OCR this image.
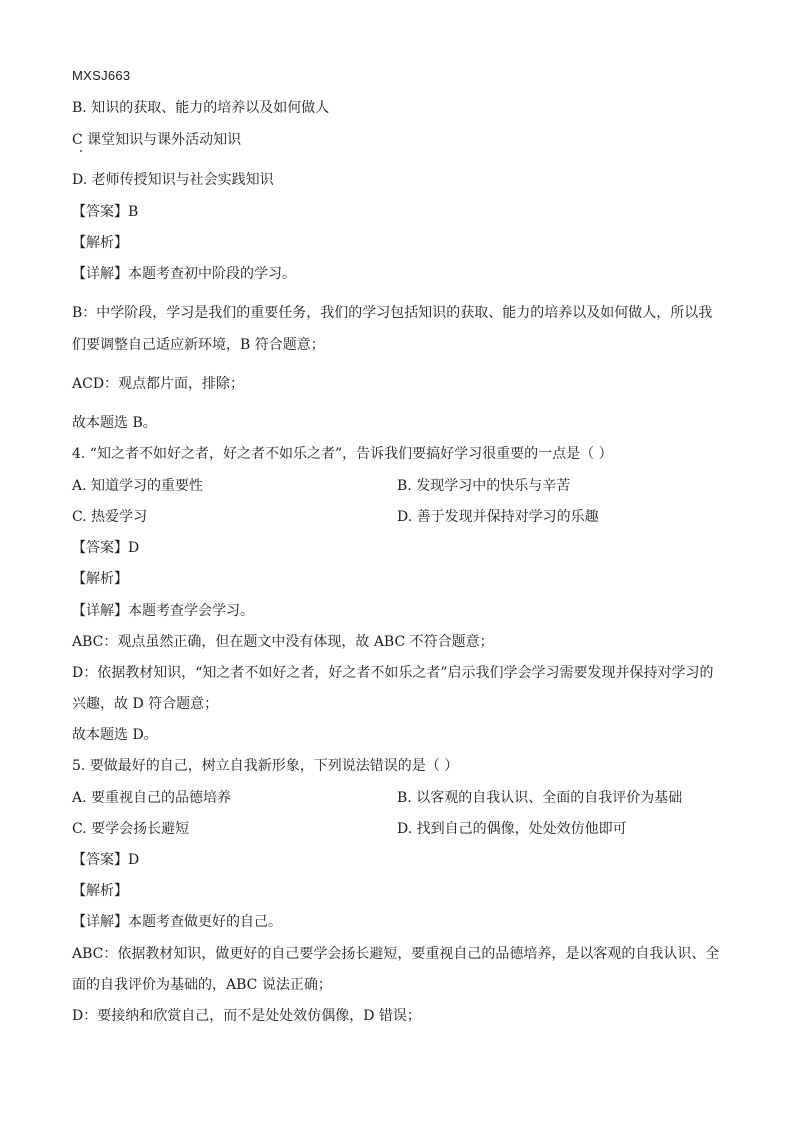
MXSJ663
B. 知识的获取、能力的培养以及如何做人
C 课堂知识与课外活动知识
D. 老师传授知识与社会实践知识
【答案】B
【解析】
【详解】本题考查初中阶段的学习。
B：中学阶段，学习是我们的重要任务，我们的学习包括知识的获取、能力的培养以及如何做人，所以我
们要调整自己适应新环境，B 符合题意；
ACD：观点都片面，排除；
故本题选 B。
4. “知之者不如好之者，好之者不如乐之者”，告诉我们要搞好学习很重要的一点是（ ）
A. 知道学习的重要性	B. 发现学习中的快乐与辛苦
C. 热爱学习	D. 善于发现并保持对学习的乐趣
【答案】D
【解析】
【详解】本题考查学会学习。
ABC：观点虽然正确，但在题文中没有体现，故 ABC 不符合题意；
D：依据教材知识，“知之者不如好之者，好之者不如乐之者”启示我们学会学习需要发现并保持对学习的
兴趣，故 D 符合题意；
故本题选 D。
5. 要做最好的自己，树立自我新形象，下列说法错误的是（ ）
A. 要重视自己的品德培养	B. 以客观的自我认识、全面的自我评价为基础
C. 要学会扬长避短	D. 找到自己的偶像，处处效仿他即可
【答案】D
【解析】
【详解】本题考查做更好的自己。
ABC：依据教材知识，做更好的自己要学会扬长避短，要重视自己的品德培养，是以客观的自我认识、全
面的自我评价为基础的，ABC 说法正确；
D：要接纳和欣赏自己，而不是处处效仿偶像，D 错误；
